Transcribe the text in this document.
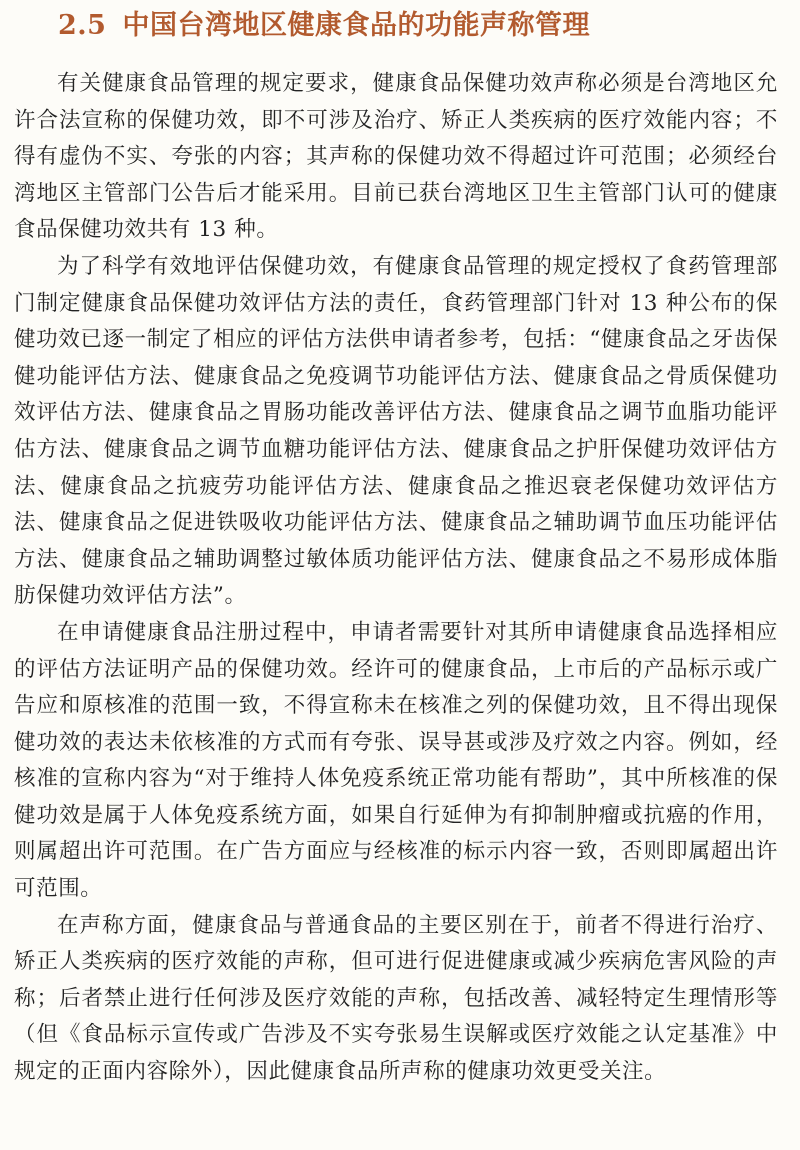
2.5 中国台湾地区健康食品的功能声称管理

有关健康食品管理的规定要求，健康食品保健功效声称必须是台湾地区允许合法宣称的保健功效，即不可涉及治疗、矫正人类疾病的医疗效能内容；不得有虚伪不实、夸张的内容；其声称的保健功效不得超过许可范围；必须经台湾地区主管部门公告后才能采用。目前已获台湾地区卫生主管部门认可的健康食品保健功效共有 13 种。

为了科学有效地评估保健功效，有健康食品管理的规定授权了食药管理部门制定健康食品保健功效评估方法的责任，食药管理部门针对 13 种公布的保健功效已逐一制定了相应的评估方法供申请者参考，包括：“健康食品之牙齿保健功能评估方法、健康食品之免疫调节功能评估方法、健康食品之骨质保健功效评估方法、健康食品之胃肠功能改善评估方法、健康食品之调节血脂功能评估方法、健康食品之调节血糖功能评估方法、健康食品之护肝保健功效评估方法、健康食品之抗疲劳功能评估方法、健康食品之推迟衰老保健功效评估方法、健康食品之促进铁吸收功能评估方法、健康食品之辅助调节血压功能评估方法、健康食品之辅助调整过敏体质功能评估方法、健康食品之不易形成体脂肪保健功效评估方法”。

在申请健康食品注册过程中，申请者需要针对其所申请健康食品选择相应的评估方法证明产品的保健功效。经许可的健康食品，上市后的产品标示或广告应和原核准的范围一致，不得宣称未在核准之列的保健功效，且不得出现保健功效的表达未依核准的方式而有夸张、误导甚或涉及疗效之内容。例如，经核准的宣称内容为“对于维持人体免疫系统正常功能有帮助”，其中所核准的保健功效是属于人体免疫系统方面，如果自行延伸为有抑制肿瘤或抗癌的作用，则属超出许可范围。在广告方面应与经核准的标示内容一致，否则即属超出许可范围。

在声称方面，健康食品与普通食品的主要区别在于，前者不得进行治疗、矫正人类疾病的医疗效能的声称，但可进行促进健康或减少疾病危害风险的声称；后者禁止进行任何涉及医疗效能的声称，包括改善、减轻特定生理情形等（但《食品标示宣传或广告涉及不实夸张易生误解或医疗效能之认定基准》中规定的正面内容除外），因此健康食品所声称的健康功效更受关注。
